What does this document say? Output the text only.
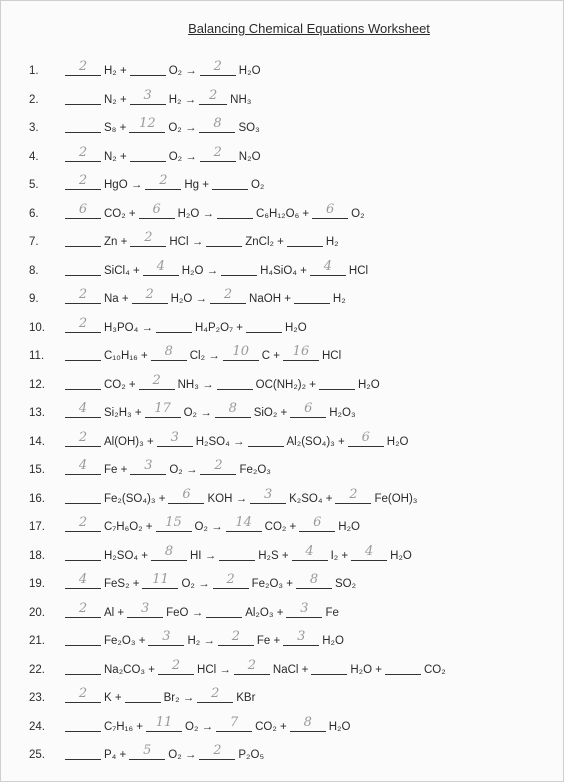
Balancing Chemical Equations Worksheet
1.	2	H₂ +	O₂ →	2	H₂O
2.	N₂ +	3	H₂ → 2	NH₃
3.	S₈ + 12	O₂ →	8	SO₃
4.	2	N₂ +	O₂ →	2	N₂O
5.	2	HgO →	2	Hg +	O₂
6.	6	CO₂ +	6	H₂O →	C₆H₁₂O₆ +	6	O₂
7.	Zn +	2	HCl →	ZnCl₂ +	H₂
8.	SiCl₄ +	4	H₂O →	H₄SiO₄ +	4	HCl
9.	2	Na +	2	H₂O →	2	NaOH +	H₂
10.	2	H₃PO₄ →	H₄P₂O₇ +	H₂O
11.	C₁₀H₁₆ +	8	Cl₂ → 10	C + 16	HCl
12.	CO₂ +	2	NH₃ →	OC(NH₂)₂ +	H₂O
13.	4	Si₂H₃ + 17	O₂ →	8	SiO₂ +	6	H₂O₃
14.	2	Al(OH)₃ +	3	H₂SO₄ →	Al₂(SO₄)₃ +	6	H₂O
15.	4	Fe +	3	O₂ →	2	Fe₂O₃
16.	Fe₂(SO₄)₃ +	6	KOH →	3	K₂SO₄ +	2	Fe(OH)₃
17.	2	C₇H₆O₂ + 15	O₂ → 14	CO₂ +	6	H₂O
18.	H₂SO₄ +	8	HI →	H₂S +	4	I₂ +	4	H₂O
19.	4	FeS₂ + 11	O₂ →	2	Fe₂O₃ +	8	SO₂
20.	2	Al +	3	FeO →	Al₂O₃ +	3	Fe
21.	Fe₂O₃ +	3	H₂ →	2	Fe +	3	H₂O
22.	Na₂CO₃ +	2	HCl →	2	NaCl +	H₂O +	CO₂
23.	2	K +	Br₂ →	2	KBr
24.	C₇H₁₆ + 11	O₂ →	7	CO₂ +	8	H₂O
25.	P₄ +	5	O₂ →	2	P₂O₅
